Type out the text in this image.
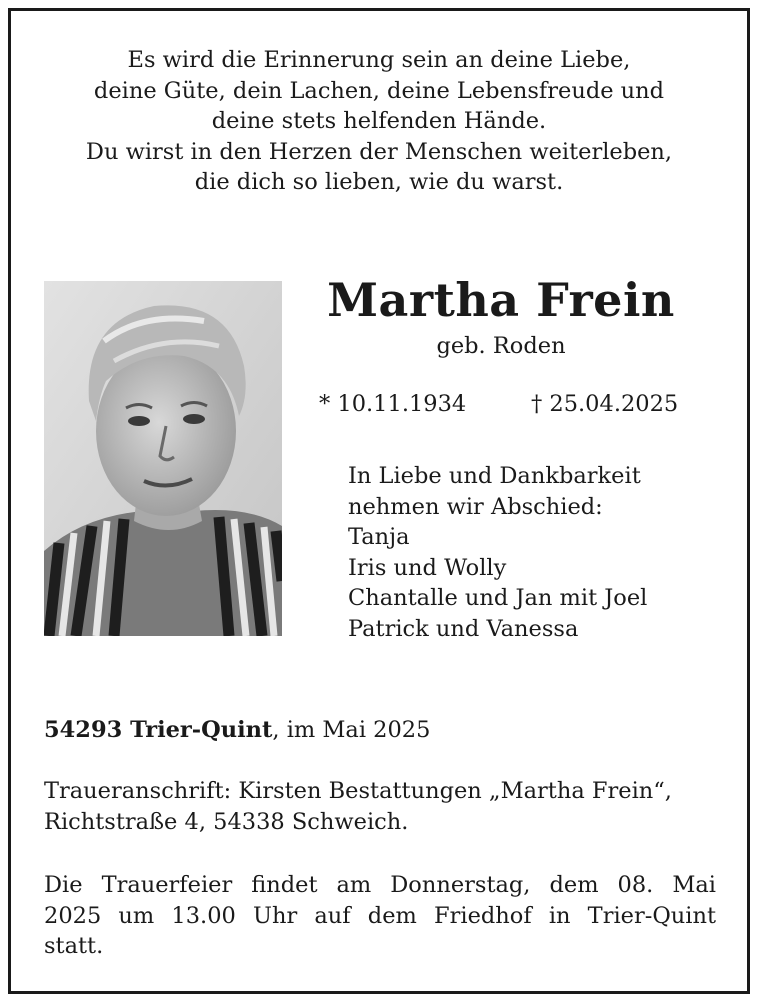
Es wird die Erinnerung sein an deine Liebe,
deine Güte, dein Lachen, deine Lebensfreude und
deine stets helfenden Hände.
Du wirst in den Herzen der Menschen weiterleben,
die dich so lieben, wie du warst.
Martha Frein
geb. Roden
* 10.11.1934	† 25.04.2025
In Liebe und Dankbarkeit
nehmen wir Abschied:
Tanja
Iris und Wolly
Chantalle und Jan mit Joel
Patrick und Vanessa
54293 Trier-Quint, im Mai 2025
Traueranschrift: Kirsten Bestattungen „Martha Frein“,
Richtstraße 4, 54338 Schweich.
Die Trauerfeier findet am Donnerstag, dem 08. Mai
2025 um 13.00 Uhr auf dem Friedhof in Trier-Quint
statt.
